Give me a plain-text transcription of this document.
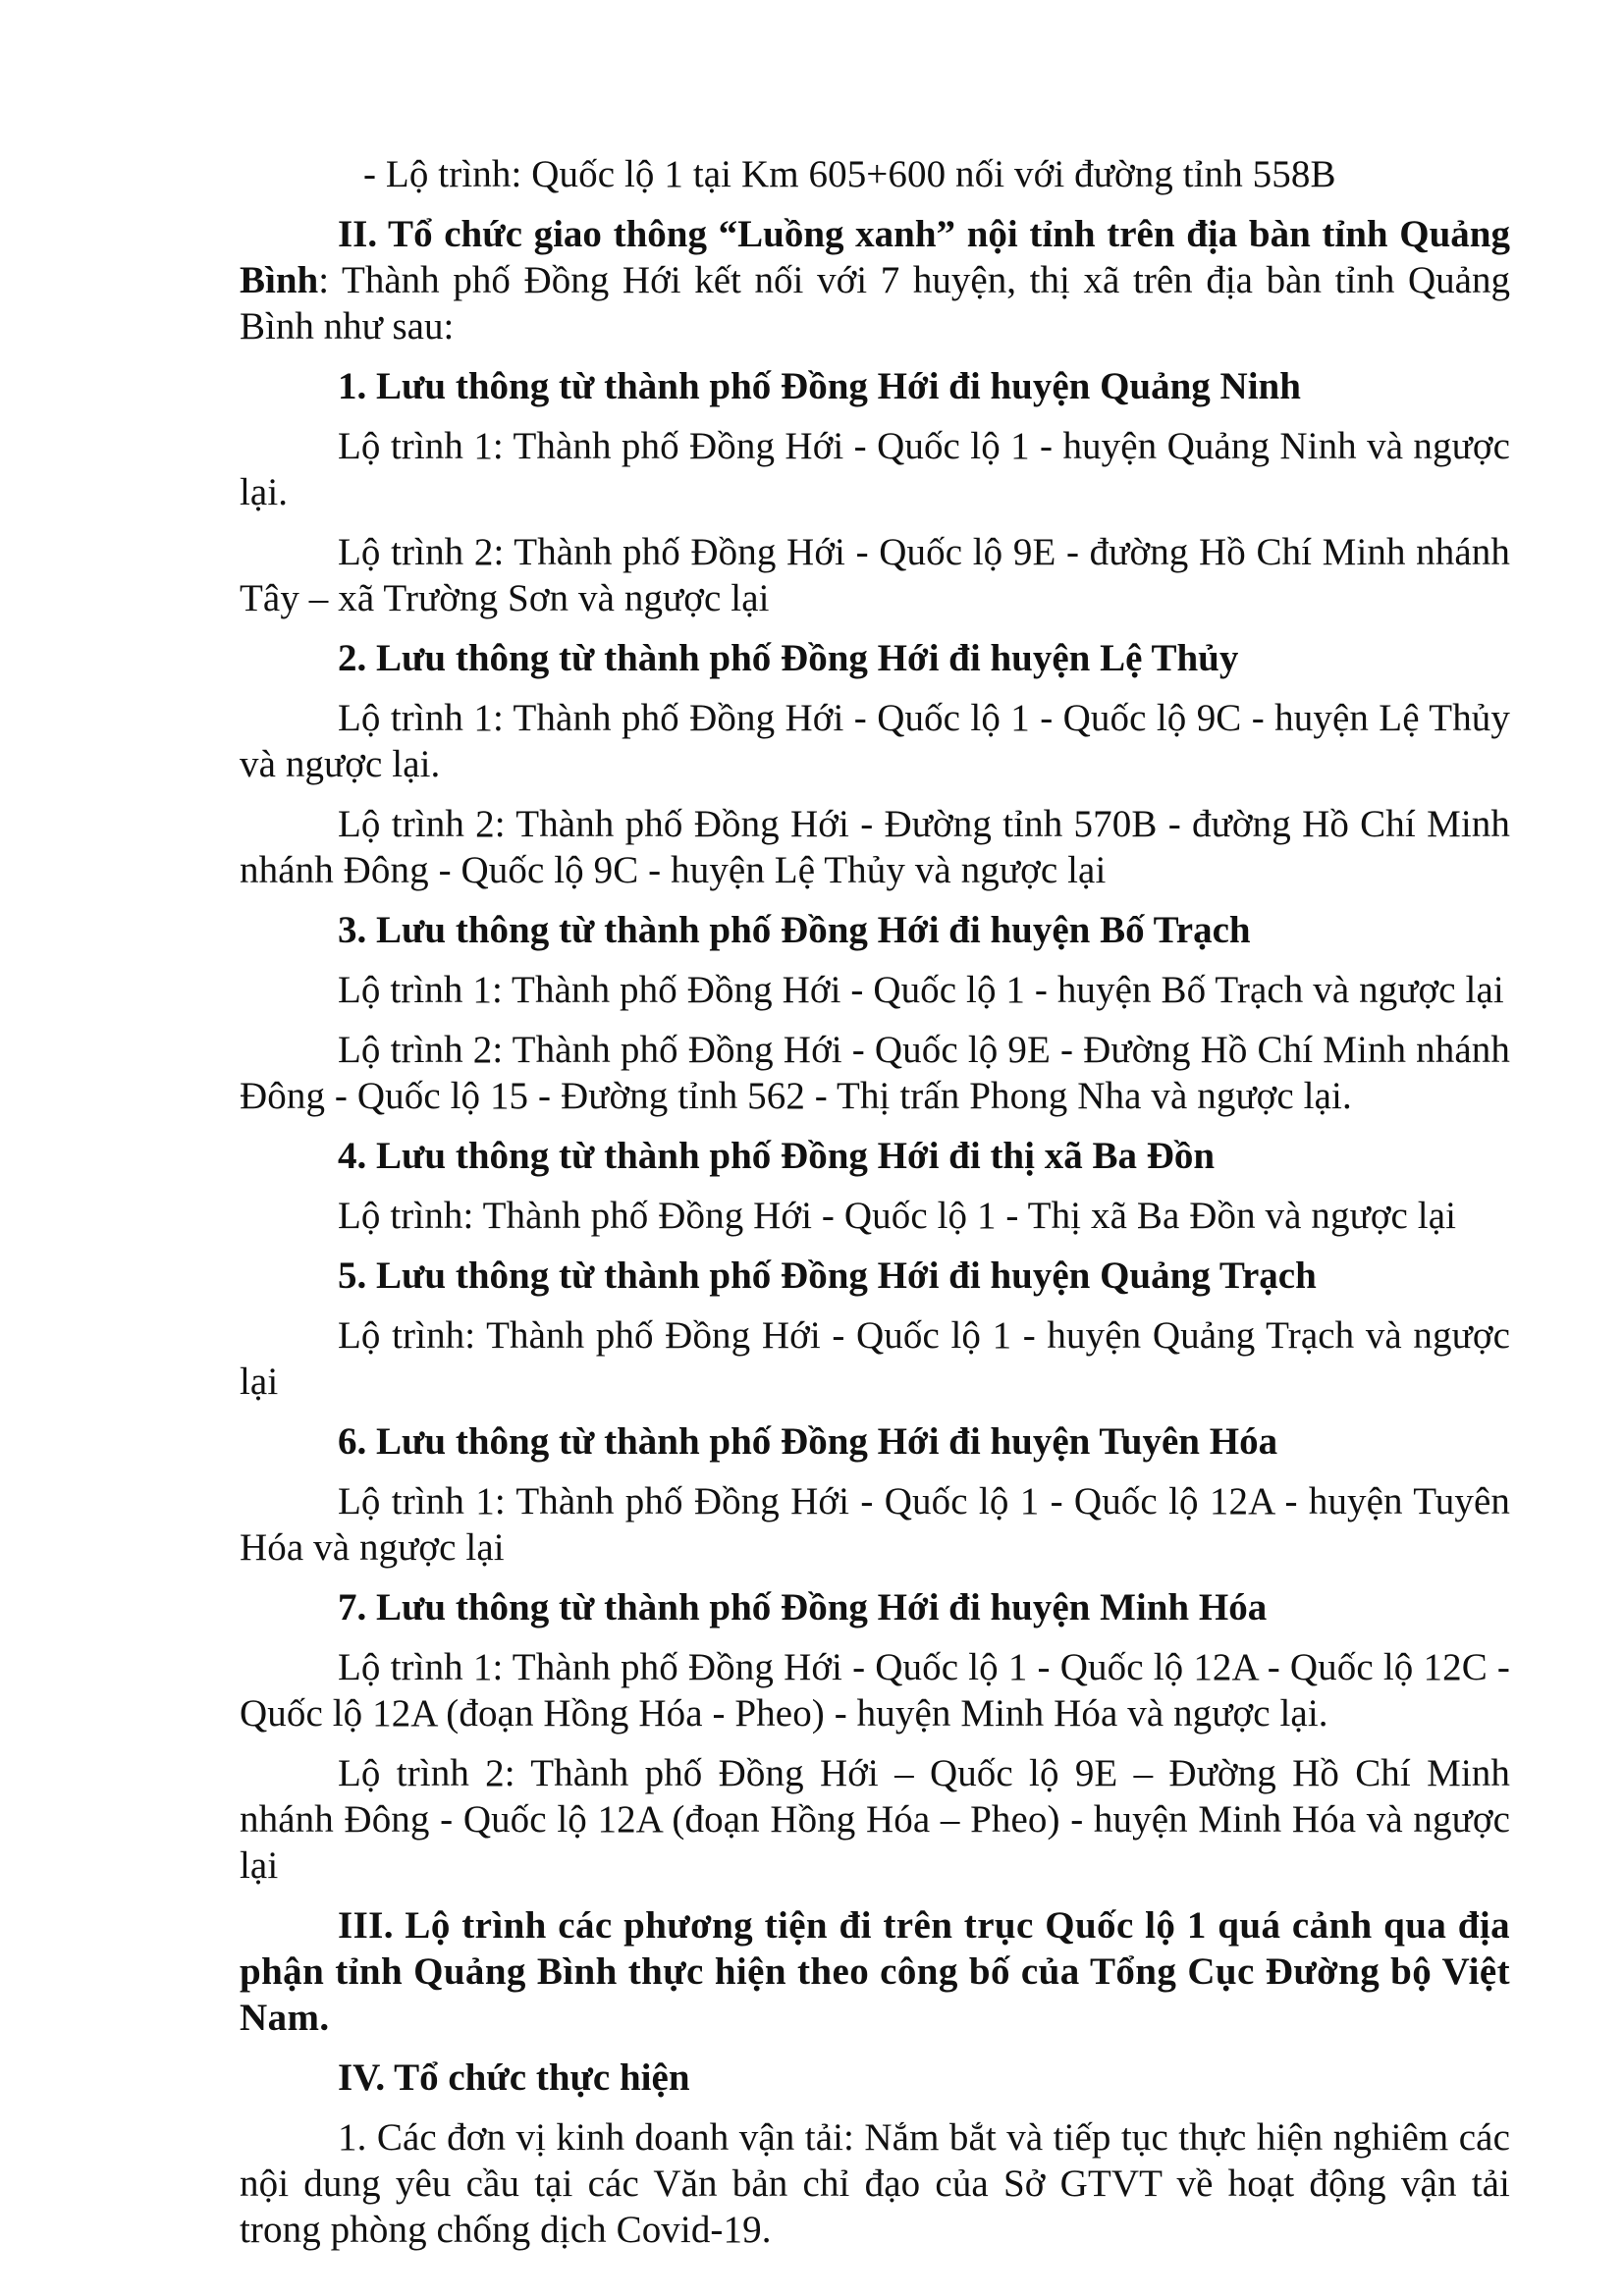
- Lộ trình: Quốc lộ 1 tại Km 605+600 nối với đường tỉnh 558B

II. Tổ chức giao thông “Luồng xanh” nội tỉnh trên địa bàn tỉnh Quảng Bình: Thành phố Đồng Hới kết nối với 7 huyện, thị xã trên địa bàn tỉnh Quảng Bình như sau:

1. Lưu thông từ thành phố Đồng Hới đi huyện Quảng Ninh

Lộ trình 1: Thành phố Đồng Hới - Quốc lộ 1 - huyện Quảng Ninh và ngược lại.

Lộ trình 2: Thành phố Đồng Hới - Quốc lộ 9E - đường Hồ Chí Minh nhánh Tây – xã Trường Sơn và ngược lại

2. Lưu thông từ thành phố Đồng Hới đi huyện Lệ Thủy

Lộ trình 1: Thành phố Đồng Hới - Quốc lộ 1 - Quốc lộ 9C - huyện Lệ Thủy và ngược lại.

Lộ trình 2: Thành phố Đồng Hới - Đường tỉnh 570B - đường Hồ Chí Minh nhánh Đông - Quốc lộ 9C - huyện Lệ Thủy và ngược lại

3. Lưu thông từ thành phố Đồng Hới đi huyện Bố Trạch

Lộ trình 1: Thành phố Đồng Hới - Quốc lộ 1 - huyện Bố Trạch và ngược lại

Lộ trình 2: Thành phố Đồng Hới - Quốc lộ 9E - Đường Hồ Chí Minh nhánh Đông - Quốc lộ 15 - Đường tỉnh 562 - Thị trấn Phong Nha và ngược lại.

4. Lưu thông từ thành phố Đồng Hới đi thị xã Ba Đồn

Lộ trình: Thành phố Đồng Hới - Quốc lộ 1 - Thị xã Ba Đồn và ngược lại

5. Lưu thông từ thành phố Đồng Hới đi huyện Quảng Trạch

Lộ trình: Thành phố Đồng Hới - Quốc lộ 1 - huyện Quảng Trạch và ngược lại

6. Lưu thông từ thành phố Đồng Hới đi huyện Tuyên Hóa

Lộ trình 1: Thành phố Đồng Hới - Quốc lộ 1 - Quốc lộ 12A - huyện Tuyên Hóa và ngược lại

7. Lưu thông từ thành phố Đồng Hới đi huyện Minh Hóa

Lộ trình 1: Thành phố Đồng Hới - Quốc lộ 1 - Quốc lộ 12A - Quốc lộ 12C - Quốc lộ 12A (đoạn Hồng Hóa - Pheo) - huyện Minh Hóa và ngược lại.

Lộ trình 2: Thành phố Đồng Hới – Quốc lộ 9E – Đường Hồ Chí Minh nhánh Đông - Quốc lộ 12A (đoạn Hồng Hóa – Pheo) - huyện Minh Hóa và ngược lại

III. Lộ trình các phương tiện đi trên trục Quốc lộ 1 quá cảnh qua địa phận tỉnh Quảng Bình thực hiện theo công bố của Tổng Cục Đường bộ Việt Nam.

IV. Tổ chức thực hiện

1. Các đơn vị kinh doanh vận tải: Nắm bắt và tiếp tục thực hiện nghiêm các nội dung yêu cầu tại các Văn bản chỉ đạo của Sở GTVT về hoạt động vận tải trong phòng chống dịch Covid-19.
